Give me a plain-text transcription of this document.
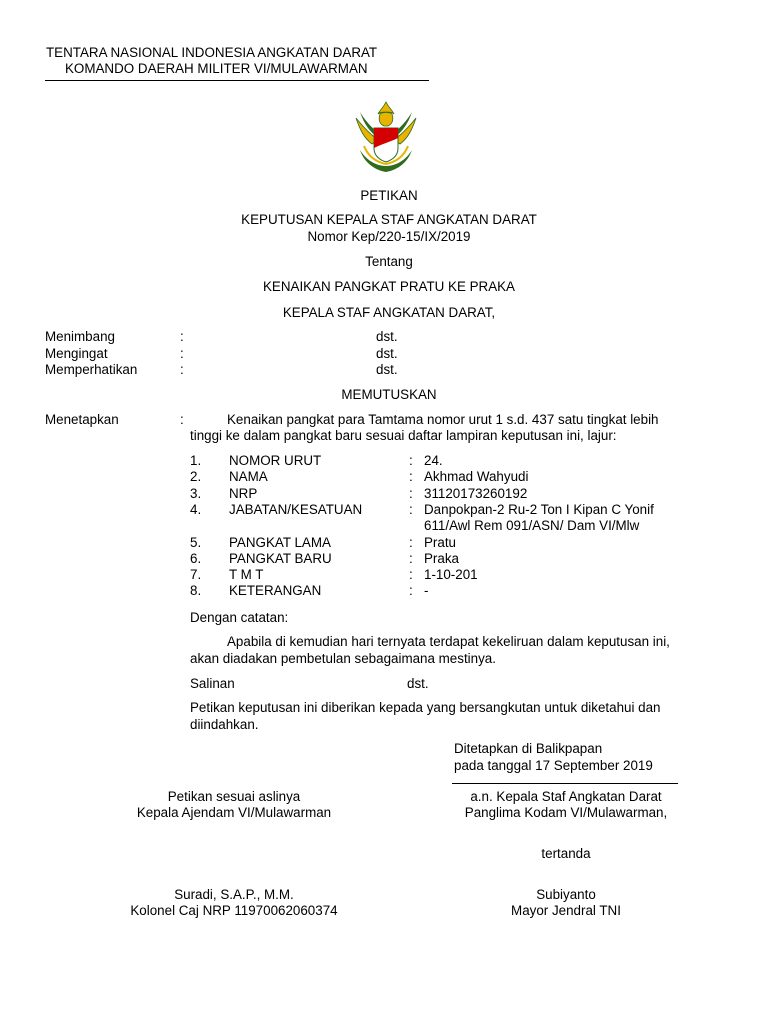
TENTARA NASIONAL INDONESIA ANGKATAN DARAT
KOMANDO DAERAH MILITER VI/MULAWARMAN
PETIKAN
KEPUTUSAN KEPALA STAF ANGKATAN DARAT
Nomor Kep/220-15/IX/2019
Tentang
KENAIKAN PANGKAT PRATU KE PRAKA
KEPALA STAF ANGKATAN DARAT,
Menimbang	:	dst.
Mengingat	:	dst.
Memperhatikan	:	dst.
MEMUTUSKAN
Menetapkan	:	Kenaikan pangkat para Tamtama nomor urut 1 s.d. 437 satu tingkat lebih
tinggi ke dalam pangkat baru sesuai daftar lampiran keputusan ini, lajur:
1. NOMOR URUT	: 24.
2. NAMA	: Akhmad Wahyudi
3. NRP	: 31120173260192
4. JABATAN/KESATUAN	: Danpokpan-2 Ru-2 Ton I Kipan C Yonif
611/Awl Rem 091/ASN/ Dam VI/Mlw
5. PANGKAT LAMA	: Pratu
6. PANGKAT BARU	: Praka
7. T M T	: 1-10-201
8. KETERANGAN	: -
Dengan catatan:
Apabila di kemudian hari ternyata terdapat kekeliruan dalam keputusan ini,
akan diadakan pembetulan sebagaimana mestinya.
Salinan	dst.
Petikan keputusan ini diberikan kepada yang bersangkutan untuk diketahui dan
diindahkan.
Ditetapkan di Balikpapan
pada tanggal 17 September 2019
Petikan sesuai aslinya
Kepala Ajendam VI/Mulawarman
Suradi, S.A.P., M.M.
Kolonel Caj NRP 11970062060374
a.n. Kepala Staf Angkatan Darat
Panglima Kodam VI/Mulawarman,
tertanda
Subiyanto
Mayor Jendral TNI
